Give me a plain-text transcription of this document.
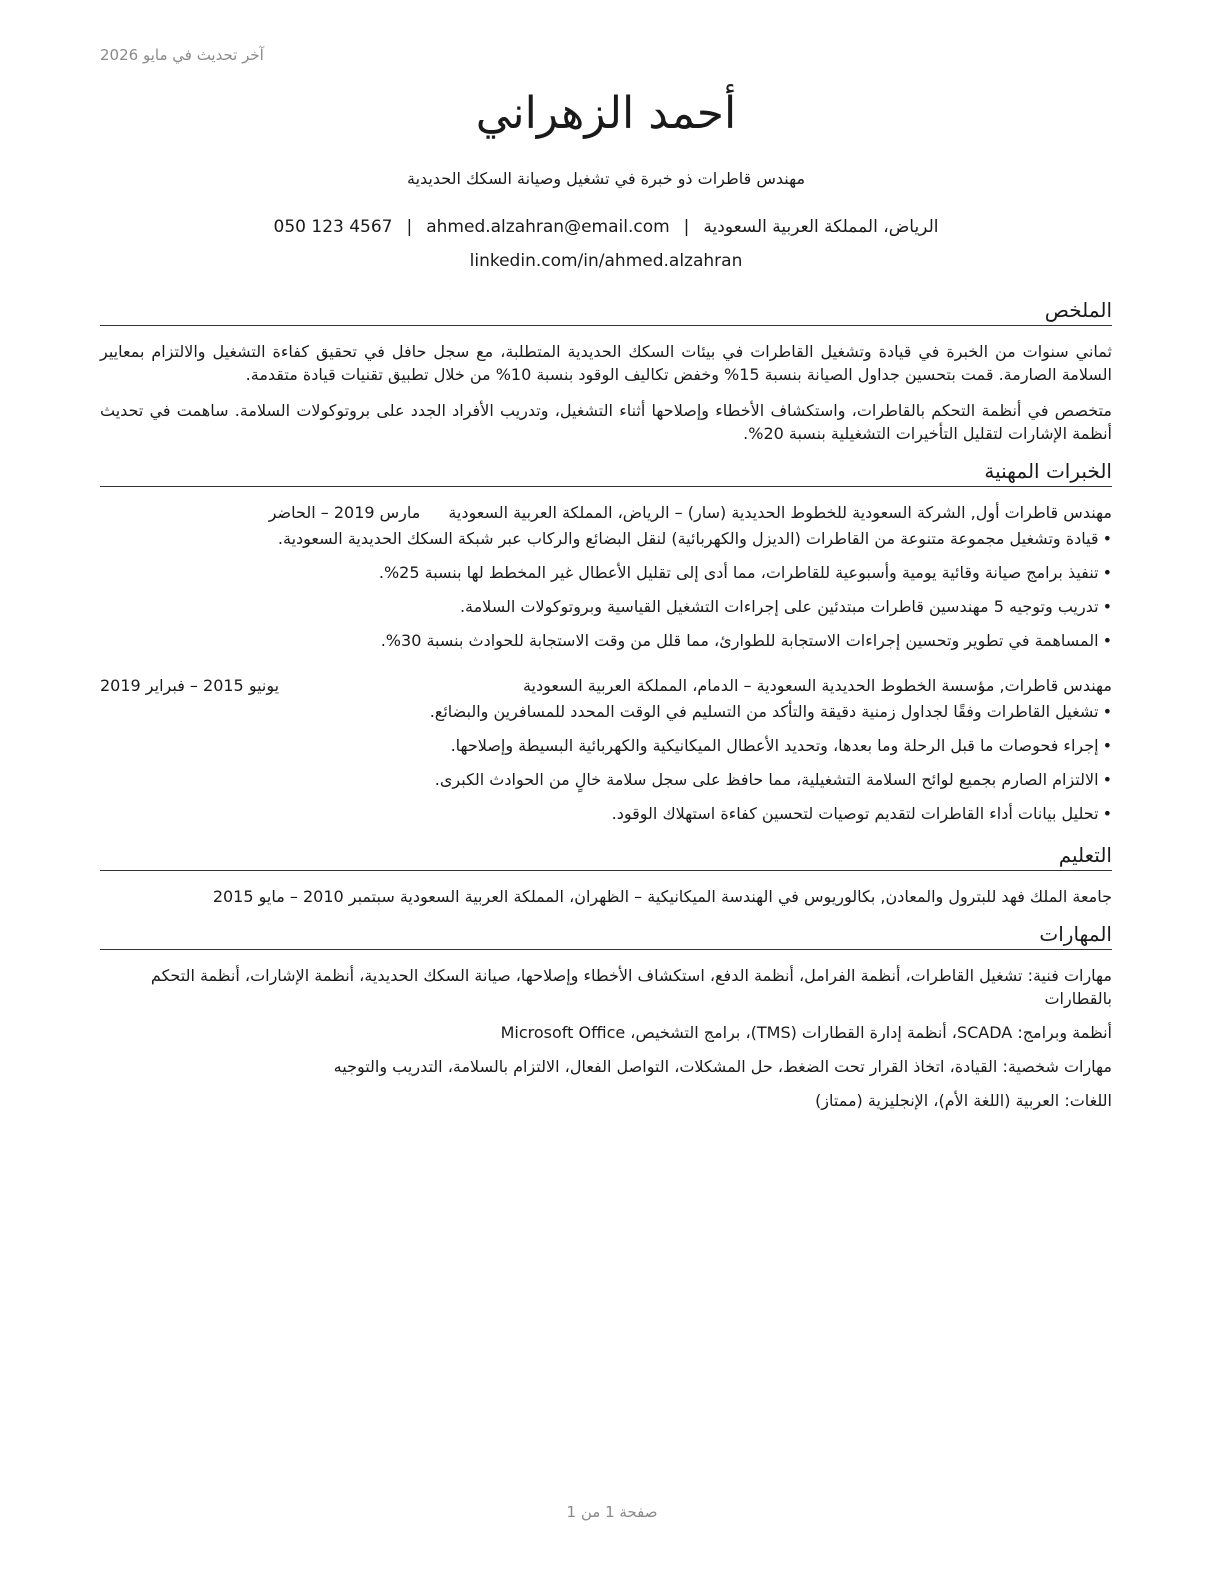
آخر تحديث في مايو 2026
أحمد الزهراني
مهندس قاطرات ذو خبرة في تشغيل وصيانة السكك الحديدية
الرياض، المملكة العربية السعودية|ahmed.alzahran@email.com|050 123 4567
linkedin.com/in/ahmed.alzahran
الملخص

ثماني سنوات من الخبرة في قيادة وتشغيل القاطرات في بيئات السكك الحديدية المتطلبة، مع سجل حافل في تحقيق كفاءة التشغيل والالتزام بمعايير السلامة الصارمة. قمت بتحسين جداول الصيانة بنسبة 15% وخفض تكاليف الوقود بنسبة 10% من خلال تطبيق تقنيات قيادة متقدمة.

متخصص في أنظمة التحكم بالقاطرات، واستكشاف الأخطاء وإصلاحها أثناء التشغيل، وتدريب الأفراد الجدد على بروتوكولات السلامة. ساهمت في تحديث أنظمة الإشارات لتقليل التأخيرات التشغيلية بنسبة 20%.

الخبرات المهنية
مهندس قاطرات أول, الشركة السعودية للخطوط الحديدية (سار) – الرياض، المملكة العربية السعودية
مارس 2019 – الحاضر
•قيادة وتشغيل مجموعة متنوعة من القاطرات (الديزل والكهربائية) لنقل البضائع والركاب عبر شبكة السكك الحديدية السعودية.
•تنفيذ برامج صيانة وقائية يومية وأسبوعية للقاطرات، مما أدى إلى تقليل الأعطال غير المخطط لها بنسبة 25%.
•تدريب وتوجيه 5 مهندسين قاطرات مبتدئين على إجراءات التشغيل القياسية وبروتوكولات السلامة.
•المساهمة في تطوير وتحسين إجراءات الاستجابة للطوارئ، مما قلل من وقت الاستجابة للحوادث بنسبة 30%.
مهندس قاطرات, مؤسسة الخطوط الحديدية السعودية – الدمام، المملكة العربية السعودية
يونيو 2015 – فبراير 2019
•تشغيل القاطرات وفقًا لجداول زمنية دقيقة والتأكد من التسليم في الوقت المحدد للمسافرين والبضائع.
•إجراء فحوصات ما قبل الرحلة وما بعدها، وتحديد الأعطال الميكانيكية والكهربائية البسيطة وإصلاحها.
•الالتزام الصارم بجميع لوائح السلامة التشغيلية، مما حافظ على سجل سلامة خالٍ من الحوادث الكبرى.
•تحليل بيانات أداء القاطرات لتقديم توصيات لتحسين كفاءة استهلاك الوقود.
التعليم
جامعة الملك فهد للبترول والمعادن, بكالوريوس في الهندسة الميكانيكية – الظهران، المملكة العربية السعودية سبتمبر 2010 – مايو 2015
المهارات

مهارات فنية: تشغيل القاطرات، أنظمة الفرامل، أنظمة الدفع، استكشاف الأخطاء وإصلاحها، صيانة السكك الحديدية، أنظمة الإشارات، أنظمة التحكم بالقطارات

أنظمة وبرامج: SCADA، أنظمة إدارة القطارات (TMS)، برامج التشخيص، Microsoft Office

مهارات شخصية: القيادة، اتخاذ القرار تحت الضغط، حل المشكلات، التواصل الفعال، الالتزام بالسلامة، التدريب والتوجيه

اللغات: العربية (اللغة الأم)، الإنجليزية (ممتاز)

صفحة 1 من 1
